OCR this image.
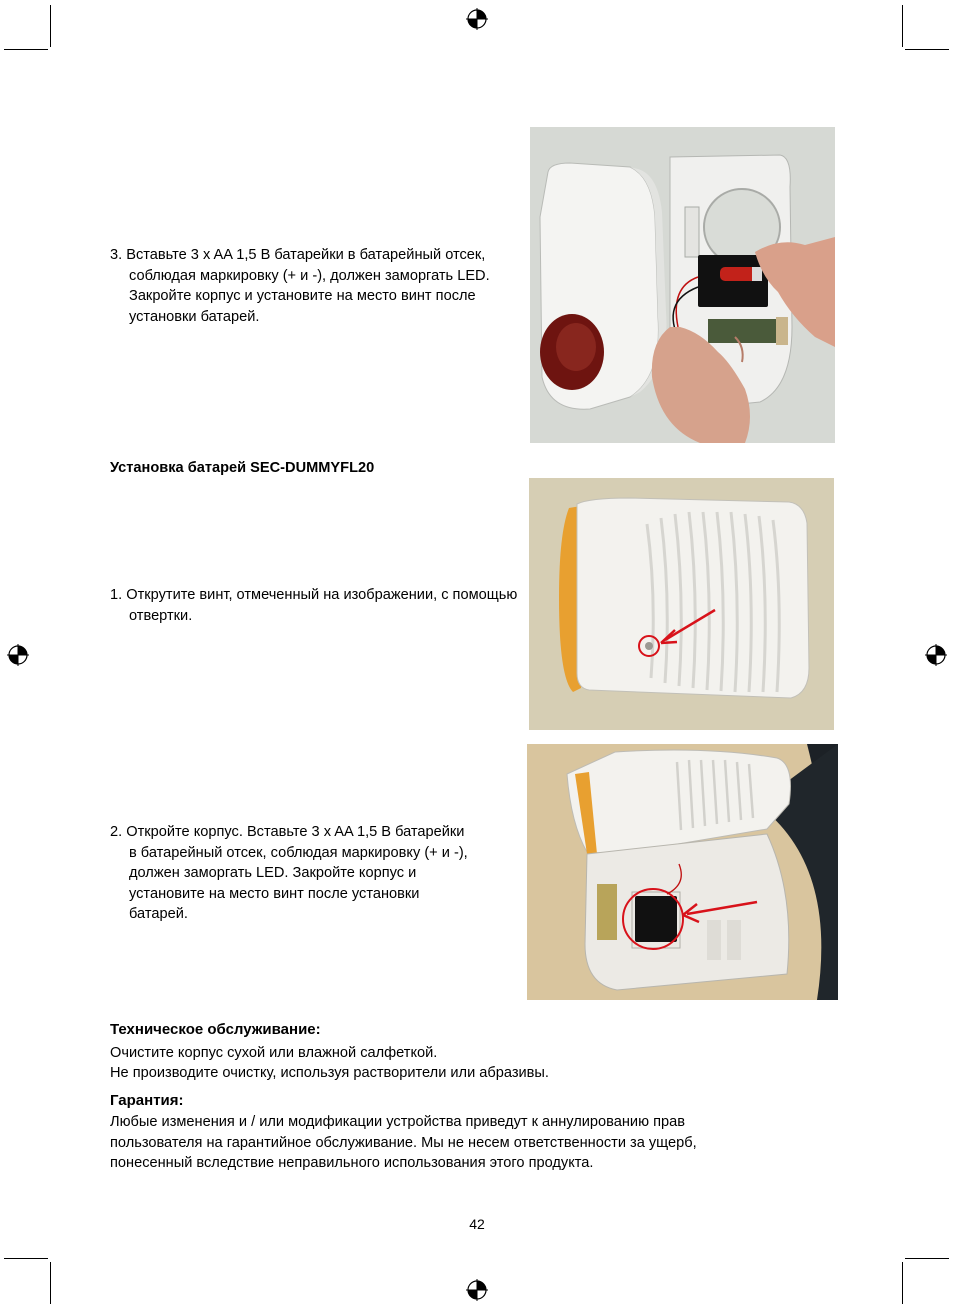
3. Вставьте 3 x AA 1,5 В батарейки в батарейный отсек, соблюдая маркировку (+ и -), должен заморгать LED. Закройте корпус и установите на место винт после установки батарей.
Установка батарей SEC-DUMMYFL20
1. Открутите винт, отмеченный на изображении, с помощью отвертки.
2. Откройте корпус. Вставьте 3 x AA 1,5 В батарейки в батарейный отсек, соблюдая маркировку (+ и -), должен заморгать LED. Закройте корпус и установите на место винт после установки батарей.
Техническое обслуживание:
Очистите корпус сухой или влажной салфеткой.
Не производите очистку, используя растворители или абразивы.
Гарантия:
Любые изменения и / или модификации устройства приведут к аннулированию прав пользователя на гарантийное обслуживание. Мы не несем ответственности за ущерб, понесенный вследствие неправильного использования этого продукта.
42
